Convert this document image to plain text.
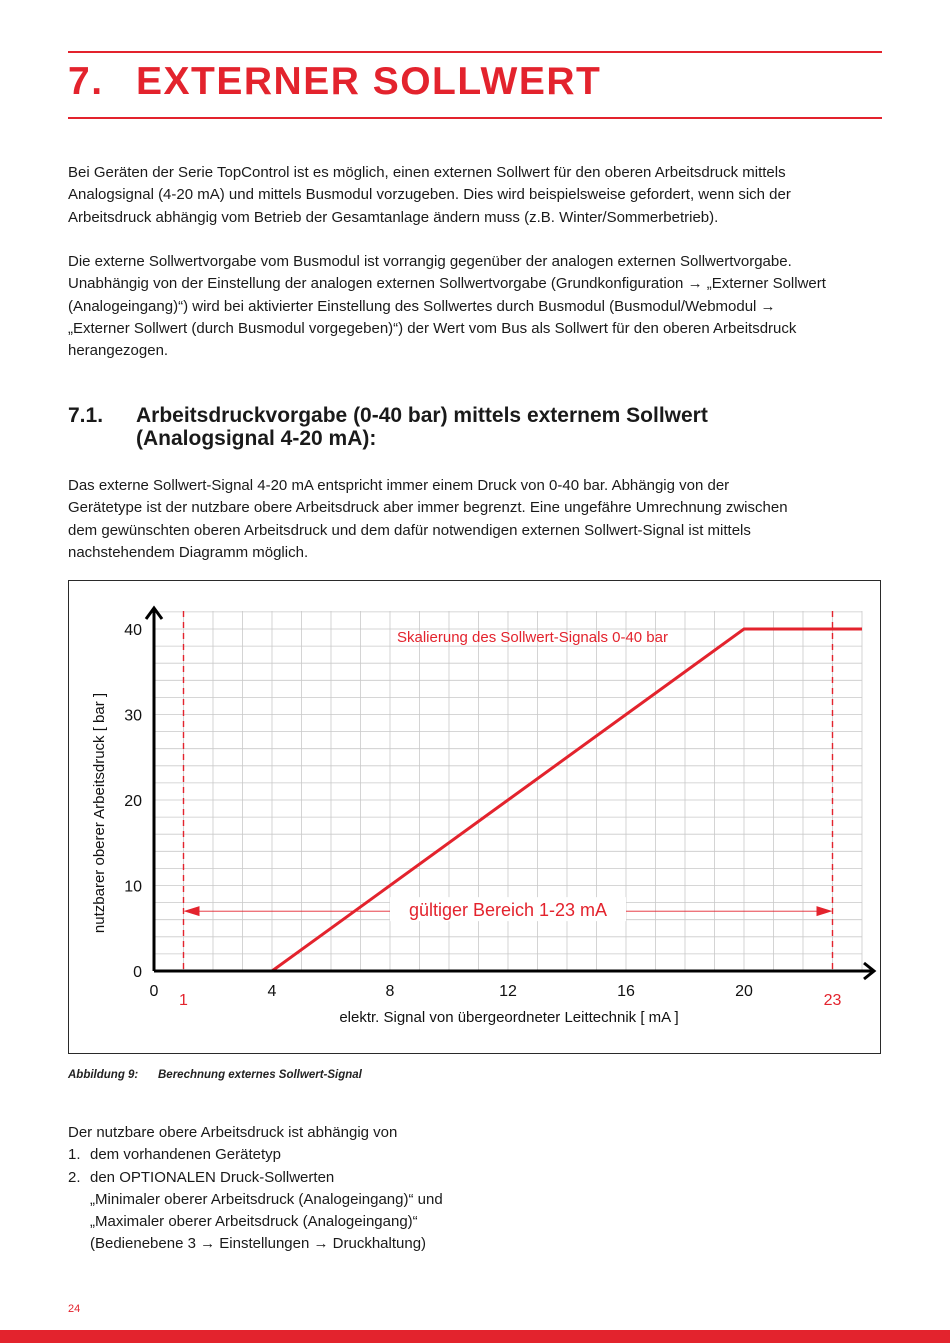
7. EXTERNER SOLLWERT

Bei Geräten der Serie TopControl ist es möglich, einen externen Sollwert für den oberen Arbeitsdruck mittels
Analogsignal (4-20 mA) und mittels Busmodul vorzugeben. Dies wird beispielsweise gefordert, wenn sich der
Arbeitsdruck abhängig vom Betrieb der Gesamtanlage ändern muss (z.B. Winter/Sommerbetrieb).

Die externe Sollwertvorgabe vom Busmodul ist vorrangig gegenüber der analogen externen Sollwertvorgabe.
Unabhängig von der Einstellung der analogen externen Sollwertvorgabe (Grundkonfiguration → „Externer Sollwert
(Analogeingang)“) wird bei aktivierter Einstellung des Sollwertes durch Busmodul (Busmodul/Webmodul →
„Externer Sollwert (durch Busmodul vorgegeben)“) der Wert vom Bus als Sollwert für den oberen Arbeitsdruck
herangezogen.

7.1. Arbeitsdruckvorgabe (0-40 bar) mittels externem Sollwert
(Analogsignal 4-20 mA):

Das externe Sollwert-Signal 4-20 mA entspricht immer einem Druck von 0-40 bar. Abhängig von der
Gerätetype ist der nutzbare obere Arbeitsdruck aber immer begrenzt. Eine ungefähre Umrechnung zwischen
dem gewünschten oberen Arbeitsdruck und dem dafür notwendigen externen Sollwert-Signal ist mittels
nachstehendem Diagramm möglich.

1	23
gültiger Bereich 1-23 mA
0	4	8	12	16	20
0
10
20
30
40
elektr. Signal von übergeordneter Leittechnik [ mA ]
nutzbarer oberer Arbeitsdruck [ bar ]
Skalierung des Sollwert-Signals 0-40 bar
Abbildung 9: Berechnung externes Sollwert-Signal
Der nutzbare obere Arbeitsdruck ist abhängig von
1. dem vorhandenen Gerätetyp
2. den OPTIONALEN Druck-Sollwerten
„Minimaler oberer Arbeitsdruck (Analogeingang)“ und
„Maximaler oberer Arbeitsdruck (Analogeingang)“
(Bedienebene 3 → Einstellungen → Druckhaltung)
24
